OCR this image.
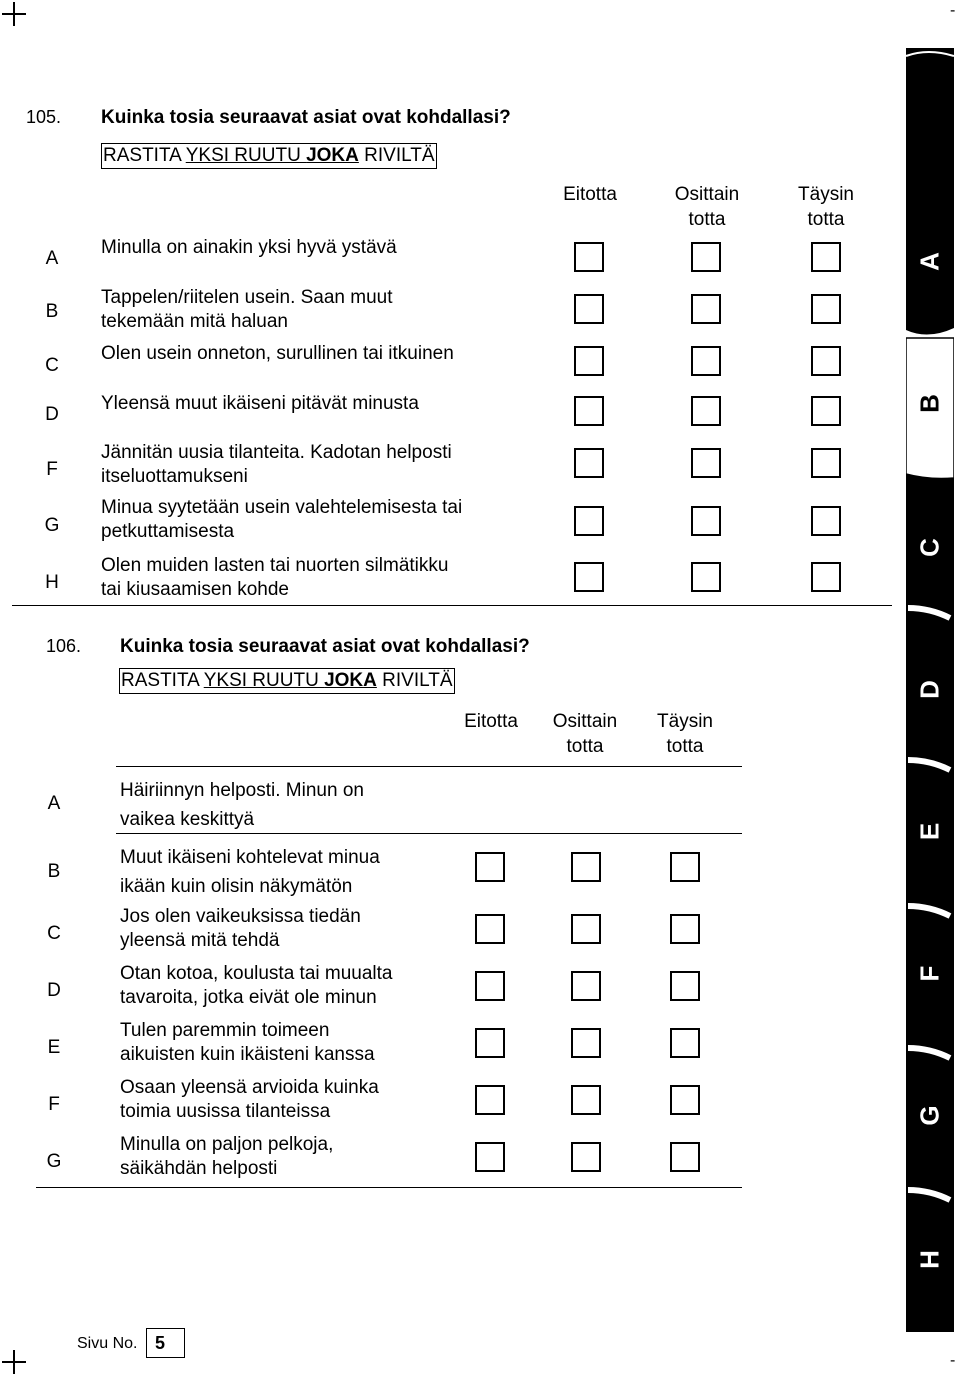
-
-
105. Kuinka tosia seuraavat asiat ovat kohdallasi?
RASTITA YKSI RUUTU JOKA RIVILTÄ
Eitotta	Osittain
totta
Täysin
totta
A
Minulla on ainakin yksi hyvä ystävä
B
Tappelen/riitelen usein. Saan muut
tekemään mitä haluan
C
Olen usein onneton, surullinen tai itkuinen
D
Yleensä muut ikäiseni pitävät minusta
F
Jännitän uusia tilanteita. Kadotan helposti
itseluottamukseni
G
Minua syytetään usein valehtelemisesta tai
petkuttamisesta
H
Olen muiden lasten tai nuorten silmätikku
tai kiusaamisen kohde
106. Kuinka tosia seuraavat asiat ovat kohdallasi?
RASTITA YKSI RUUTU JOKA RIVILTÄ
Eitotta	Osittain
totta
Täysin
totta
A
Häiriinnyn helposti. Minun on
vaikea keskittyä
B
Muut ikäiseni kohtelevat minua
ikään kuin olisin näkymätön
C
Jos olen vaikeuksissa tiedän
yleensä mitä tehdä
D
Otan kotoa, koulusta tai muualta
tavaroita, jotka eivät ole minun
E
Tulen paremmin toimeen
aikuisten kuin ikäisteni kanssa
F
Osaan yleensä arvioida kuinka
toimia uusissa tilanteissa
G
Minulla on paljon pelkoja,
säikähdän helposti
A
B
C
D
E
F
G
H
Sivu No. 5
